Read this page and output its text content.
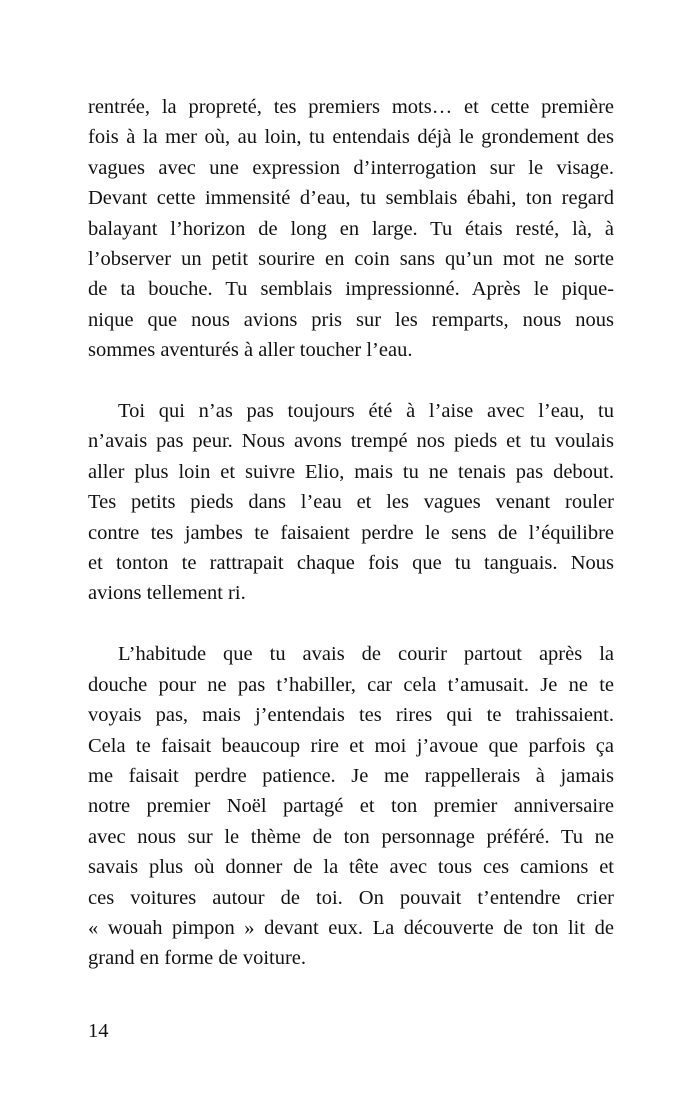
rentrée, la propreté, tes premiers mots… et cette première
fois à la mer où, au loin, tu entendais déjà le grondement des
vagues avec une expression d’interrogation sur le visage.
Devant cette immensité d’eau, tu semblais ébahi, ton regard
balayant l’horizon de long en large. Tu étais resté, là, à
l’observer un petit sourire en coin sans qu’un mot ne sorte
de ta bouche. Tu semblais impressionné. Après le pique-
nique que nous avions pris sur les remparts, nous nous
sommes aventurés à aller toucher l’eau.
Toi qui n’as pas toujours été à l’aise avec l’eau, tu
n’avais pas peur. Nous avons trempé nos pieds et tu voulais
aller plus loin et suivre Elio, mais tu ne tenais pas debout.
Tes petits pieds dans l’eau et les vagues venant rouler
contre tes jambes te faisaient perdre le sens de l’équilibre
et tonton te rattrapait chaque fois que tu tanguais. Nous
avions tellement ri.
L’habitude que tu avais de courir partout après la
douche pour ne pas t’habiller, car cela t’amusait. Je ne te
voyais pas, mais j’entendais tes rires qui te trahissaient.
Cela te faisait beaucoup rire et moi j’avoue que parfois ça
me faisait perdre patience. Je me rappellerais à jamais
notre premier Noël partagé et ton premier anniversaire
avec nous sur le thème de ton personnage préféré. Tu ne
savais plus où donner de la tête avec tous ces camions et
ces voitures autour de toi. On pouvait t’entendre crier
« wouah pimpon » devant eux. La découverte de ton lit de
grand en forme de voiture.
14
